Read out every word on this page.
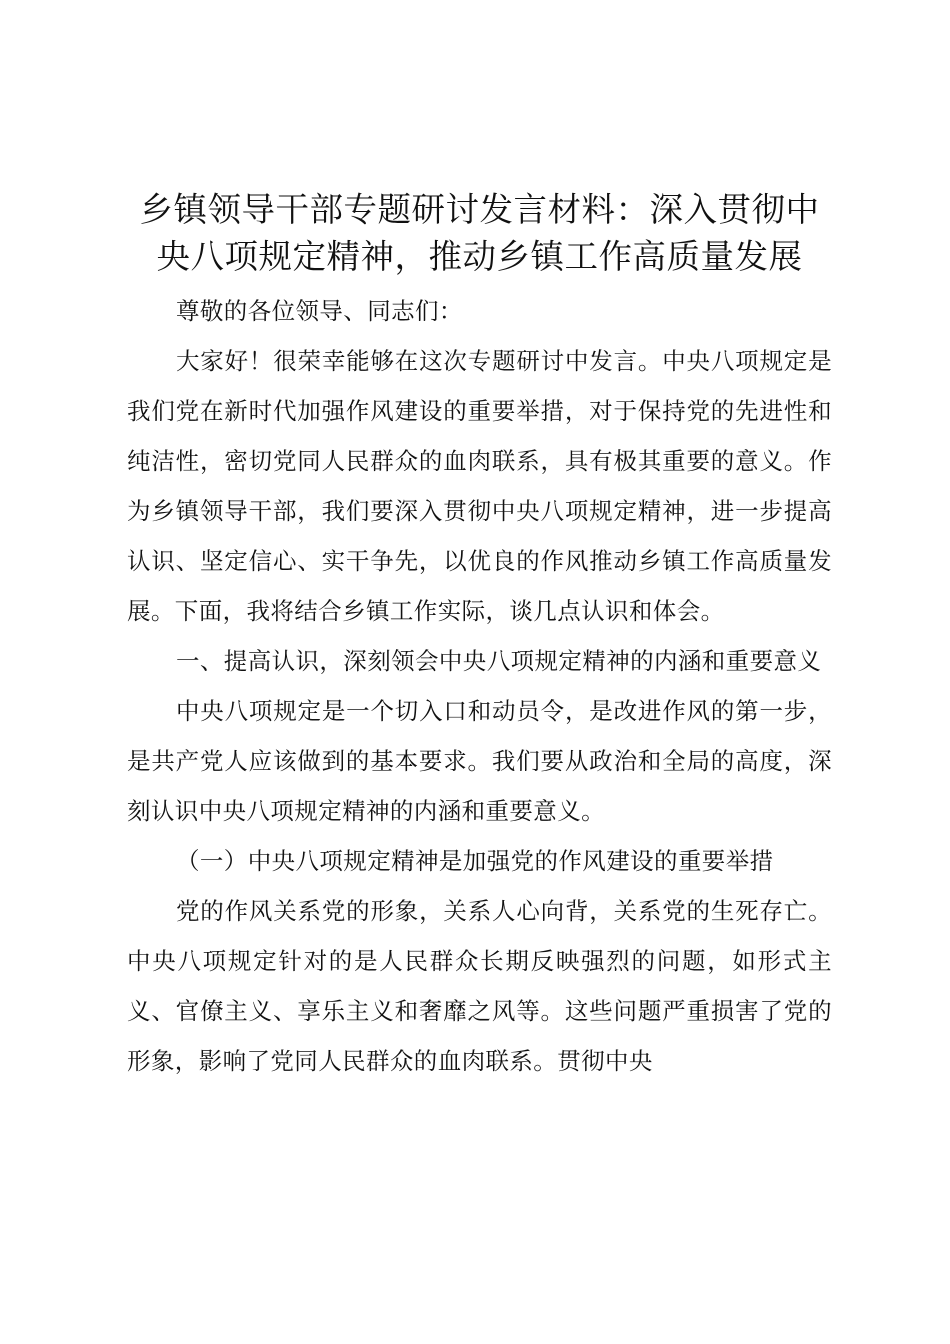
乡镇领导干部专题研讨发言材料：深入贯彻中央八项规定精神，推动乡镇工作高质量发展

尊敬的各位领导、同志们：

大家好！很荣幸能够在这次专题研讨中发言。中央八项规定是我们党在新时代加强作风建设的重要举措，对于保持党的先进性和纯洁性，密切党同人民群众的血肉联系，具有极其重要的意义。作为乡镇领导干部，我们要深入贯彻中央八项规定精神，进一步提高认识、坚定信心、实干争先，以优良的作风推动乡镇工作高质量发展。下面，我将结合乡镇工作实际，谈几点认识和体会。

一、提高认识，深刻领会中央八项规定精神的内涵和重要意义

中央八项规定是一个切入口和动员令，是改进作风的第一步，是共产党人应该做到的基本要求。我们要从政治和全局的高度，深刻认识中央八项规定精神的内涵和重要意义。

（一）中央八项规定精神是加强党的作风建设的重要举措

党的作风关系党的形象，关系人心向背，关系党的生死存亡。中央八项规定针对的是人民群众长期反映强烈的问题，如形式主义、官僚主义、享乐主义和奢靡之风等。这些问题严重损害了党的形象，影响了党同人民群众的血肉联系。贯彻中央
